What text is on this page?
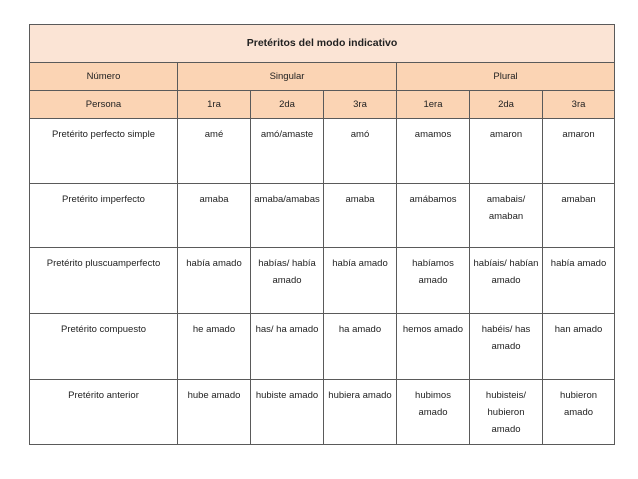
Pretéritos del modo indicativo						
Número	Singular			Plural		
Persona	1ra	2da	3ra	1era	2da	3ra
Pretérito perfecto simple	amé	amó/amaste	amó	amamos	amaron	amaron
Pretérito imperfecto	amaba	amaba/amabas	amaba	amábamos	amabais/ amaban	amaban
Pretérito pluscuamperfecto	había amado	habías/ había amado	había amado	habíamos amado	habíais/ habían amado	había amado
Pretérito compuesto	he amado	has/ ha amado	ha amado	hemos amado	habéis/ has amado	han amado
Pretérito anterior	hube amado	hubiste amado	hubiera amado	hubimos amado	hubisteis/ hubieron amado	hubieron amado
